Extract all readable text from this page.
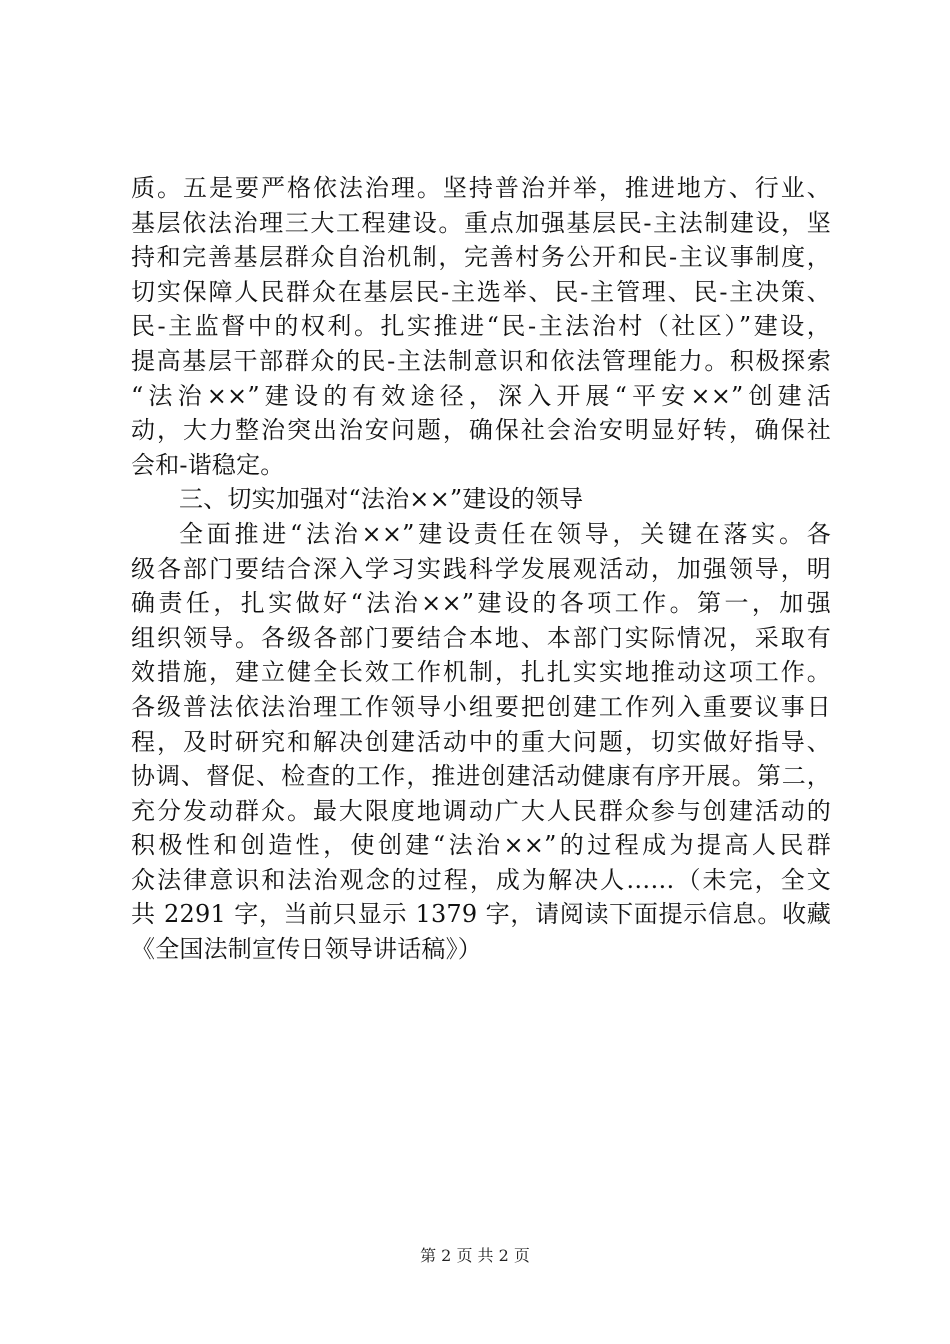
质。五是要严格依法治理。坚持普治并举，推进地方、行业、
基层依法治理三大工程建设。重点加强基层民-主法制建设，坚
持和完善基层群众自治机制，完善村务公开和民-主议事制度，
切实保障人民群众在基层民-主选举、民-主管理、民-主决策、
民-主监督中的权利。扎实推进“民-主法治村（社区）”建设，
提高基层干部群众的民-主法制意识和依法管理能力。积极探索
“法治××”建设的有效途径，深入开展“平安××”创建活
动，大力整治突出治安问题，确保社会治安明显好转，确保社
会和-谐稳定。
三、切实加强对“法治××”建设的领导
全面推进“法治××”建设责任在领导，关键在落实。各
级各部门要结合深入学习实践科学发展观活动，加强领导，明
确责任，扎实做好“法治××”建设的各项工作。第一，加强
组织领导。各级各部门要结合本地、本部门实际情况，采取有
效措施，建立健全长效工作机制，扎扎实实地推动这项工作。
各级普法依法治理工作领导小组要把创建工作列入重要议事日
程，及时研究和解决创建活动中的重大问题，切实做好指导、
协调、督促、检查的工作，推进创建活动健康有序开展。第二，
充分发动群众。最大限度地调动广大人民群众参与创建活动的
积极性和创造性，使创建“法治××”的过程成为提高人民群
众法律意识和法治观念的过程，成为解决人……（未完，全文
共 2291 字，当前只显示 1379 字，请阅读下面提示信息。收藏
《全国法制宣传日领导讲话稿》）
第 2 页 共 2 页
